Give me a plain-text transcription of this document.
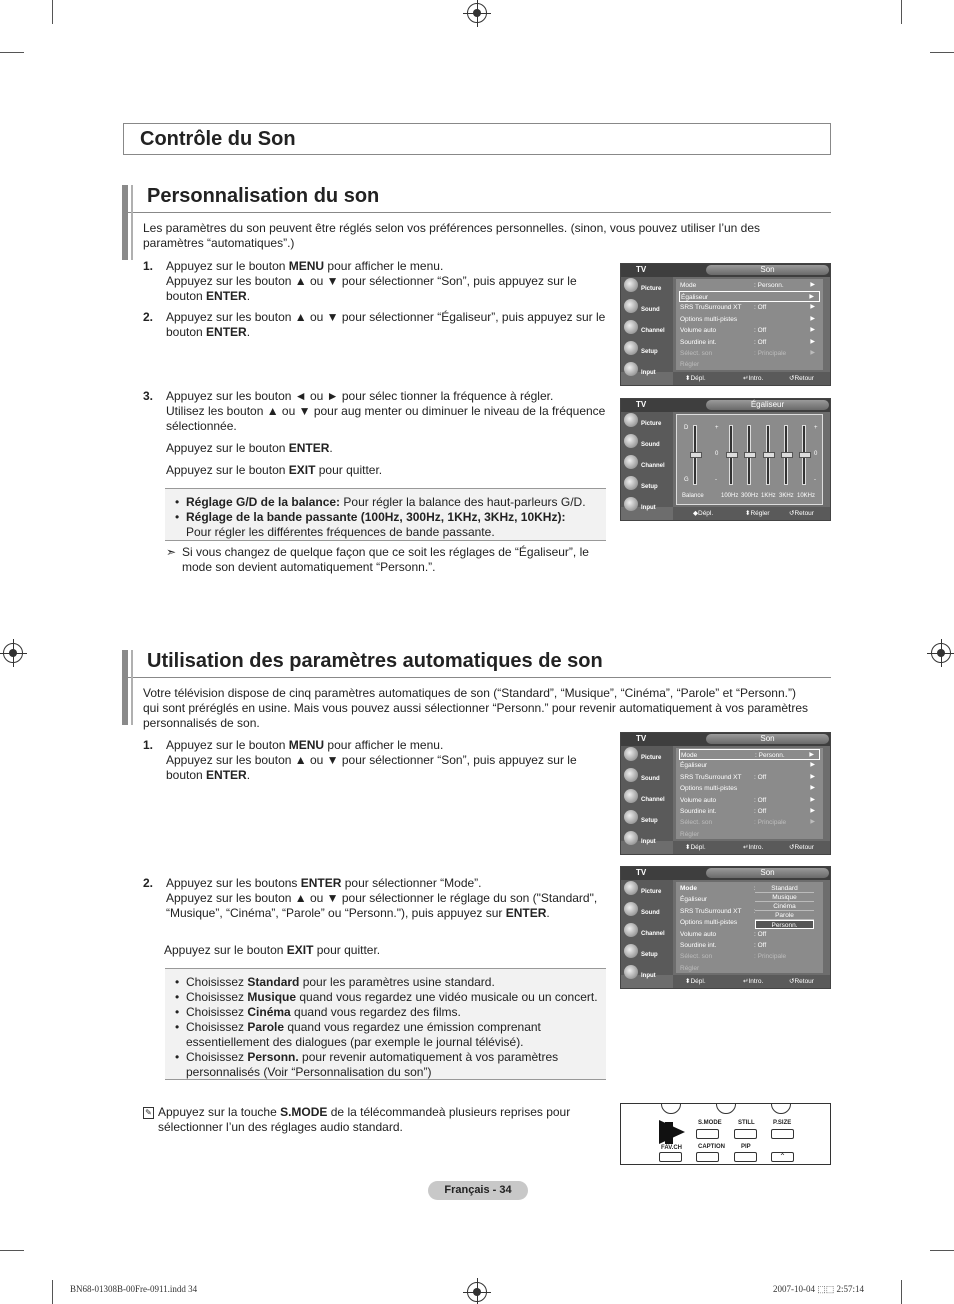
Contrôle du Son
Personnalisation du son
Les paramètres du son peuvent être réglés selon vos préférences personnelles. (sinon, vous pouvez utiliser l’un des paramètres “automatiques”.)
1. Appuyez sur le bouton MENU pour afficher le menu.
Appuyez sur les bouton ▲ ou ▼ pour sélectionner “Son”, puis appuyez sur le bouton ENTER.
2. Appuyez sur les bouton ▲ ou ▼ pour sélectionner “Égaliseur”, puis appuyez sur le bouton ENTER.
3. Appuyez sur les bouton ◄ ou ► pour sélec tionner la fréquence à régler.
Utilisez les bouton ▲ ou ▼ pour aug menter ou diminuer le niveau de la fréquence sélectionnée.
Appuyez sur le bouton ENTER.
Appuyez sur le bouton EXIT pour quitter.
• Réglage G/D de la balance: Pour régler la balance des haut-parleurs G/D.
• Réglage de la bande passante (100Hz, 300Hz, 1KHz, 3KHz, 10KHz):
Pour régler les différentes fréquences de bande passante.
➣ Si vous changez de quelque façon que ce soit les réglages de “Égaliseur”, le mode son devient automatiquement “Personn.”.
TV	Son
Picture
Sound
Channel
Setup
Input
Mode	: Personn.	▶
Égaliseur	▶
SRS TruSurround XT : Off	▶
Options multi-pistes	▶
Volume auto	: Off	▶
Sourdine int.	: Off	▶
Sélect. son	: Principale	▶
Régler
⬍ Dépl.	↵ Intro.	↺ Retour
TV	Égaliseur
Picture
Sound
Channel
Setup
Input
D
G
+
0
-
+
0
-
Balance	100Hz 300Hz 1KHz 3KHz 10KHz
◆ Dépl.	⬍ Régler	↺ Retour
Utilisation des paramètres automatiques de son
Votre télévision dispose de cinq paramètres automatiques de son (“Standard”, “Musique”, “Cinéma”, “Parole” et “Personn.”) qui sont préréglés en usine. Mais vous pouvez aussi sélectionner “Personn.” pour revenir automatiquement à vos paramètres personnalisés de son.
1. Appuyez sur le bouton MENU pour afficher le menu.
Appuyez sur les bouton ▲ ou ▼ pour sélectionner “Son”, puis appuyez sur le bouton ENTER.
2. Appuyez sur les boutons ENTER pour sélectionner “Mode”.
Appuyez sur les bouton ▲ ou ▼ pour sélectionner le réglage du son ("Standard", “Musique”, “Cinéma”, “Parole” ou “Personn."), puis appuyez sur ENTER.
Appuyez sur le bouton EXIT pour quitter.
• Choisissez Standard pour les paramètres usine standard.
• Choisissez Musique quand vous regardez une vidéo musicale ou un concert.
• Choisissez Cinéma quand vous regardez des films.
• Choisissez Parole quand vous regardez une émission comprenant essentiellement des dialogues (par exemple le journal télévisé).
• Choisissez Personn. pour revenir automatiquement à vos paramètres personnalisés (Voir “Personnalisation du son”)
✎ Appuyez sur la touche S.MODE de la télécommandeà plusieurs reprises pour sélectionner l’un des réglages audio standard.
TV	Son
Picture
Sound
Channel
Setup
Input
Mode	: Personn.	▶
Égaliseur	▶
SRS TruSurround XT : Off	▶
Options multi-pistes	▶
Volume auto	: Off	▶
Sourdine int.	: Off	▶
Sélect. son	: Principale	▶
Régler
⬍ Dépl.	↵ Intro.	↺ Retour
TV	Son
Picture
Sound
Channel
Setup
Input
Mode
Égaliseur
SRS TruSurround XT
Options multi-pistes
Volume auto	: Off
Sourdine int.	: Off
Sélect. son	: Principale
Régler
Standard
Musique
Cinéma
Parole
Personn.
⬍ Dépl.	↵ Intro.	↺ Retour
S.MODE	STILL	P.SIZE
FAV.CH	CAPTION	PIP
⌃
Français - 34
BN68-01308B-00Fre-0911.indd 34	2007-10-04 ⬚⬚ 2:57:14
